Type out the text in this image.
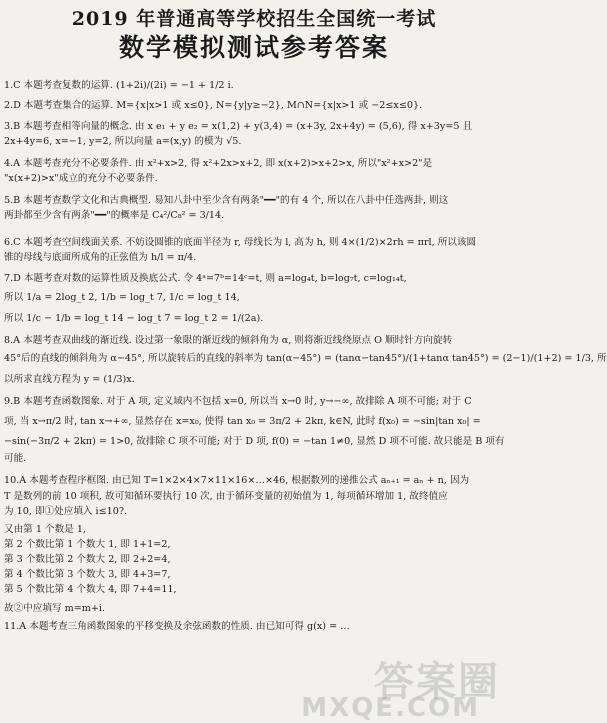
2019 年普通高等学校招生全国统一考试
数学模拟测试参考答案
1.C 本题考查复数的运算. (1+2i)/(2i) = −1 + 1/2 i.
2.D 本题考查集合的运算. M={x|x>1 或 x≤0}, N={y|y≥−2}, M∩N={x|x>1 或 −2≤x≤0}.
3.B 本题考查相等向量的概念. 由 x e₁ + y e₂ = x(1,2) + y(3,4) = (x+3y, 2x+4y) = (5,6), 得 x+3y=5 且
2x+4y=6, x=−1, y=2, 所以向量 a=(x,y) 的模为 √5.
4.A 本题考查充分不必要条件. 由 x²+x>2, 得 x²+2x>x+2, 即 x(x+2)>x+2>x, 所以"x²+x>2"是
"x(x+2)>x"成立的充分不必要条件.
5.B 本题考查数学文化和古典概型. 易知八卦中至少含有两条"━━"的有 4 个, 所以在八卦中任选两卦, 则这
两卦都至少含有两条"━━"的概率是 C₄²/C₈² = 3/14.
6.C 本题考查空间线面关系. 不妨设圆锥的底面半径为 r, 母线长为 l, 高为 h, 则 4×(1/2)×2rh = πrl, 所以该圆
锥的母线与底面所成角的正弦值为 h/l = π/4.
7.D 本题考查对数的运算性质及换底公式. 令 4ᵃ=7ᵇ=14ᶜ=t, 则 a=log₄t, b=log₇t, c=log₁₄t,
所以 1/a = 2log_t 2, 1/b = log_t 7, 1/c = log_t 14,
所以 1/c − 1/b = log_t 14 − log_t 7 = log_t 2 = 1/(2a).
8.A 本题考查双曲线的渐近线. 设过第一象限的渐近线的倾斜角为 α, 则将渐近线绕原点 O 顺时针方向旋转
45°后的直线的倾斜角为 α−45°, 所以旋转后的直线的斜率为 tan(α−45°) = (tanα−tan45°)/(1+tanα tan45°) = (2−1)/(1+2) = 1/3, 所
以所求直线方程为 y = (1/3)x.
9.B 本题考查函数图象. 对于 A 项, 定义域内不包括 x=0, 所以当 x→0 时, y→−∞, 故排除 A 项不可能; 对于 C
项, 当 x→π/2 时, tan x→+∞, 显然存在 x=x₀, 使得 tan x₀ = 3π/2 + 2kπ, k∈N, 此时 f(x₀) = −sin|tan x₀| =
−sin(−3π/2 + 2kπ) = 1>0, 故排除 C 项不可能; 对于 D 项, f(0) = −tan 1≠0, 显然 D 项不可能. 故只能是 B 项有
可能.
10.A 本题考查程序框图. 由已知 T=1×2×4×7×11×16×…×46, 根据数列的递推公式 aₙ₊₁ = aₙ + n, 因为
T 是数列的前 10 项积, 故可知循环要执行 10 次, 由于循环变量的初始值为 1, 每项循环增加 1, 故终值应
为 10, 即①处应填入 i≤10?.
又由第 1 个数是 1,
第 2 个数比第 1 个数大 1, 即 1+1=2,
第 3 个数比第 2 个数大 2, 即 2+2=4,
第 4 个数比第 3 个数大 3, 即 4+3=7,
第 5 个数比第 4 个数大 4, 即 7+4=11,
故②中应填写 m=m+i.
11.A 本题考查三角函数图象的平移变换及余弦函数的性质. 由已知可得 g(x) = …
答案圈
MXQE.COM
